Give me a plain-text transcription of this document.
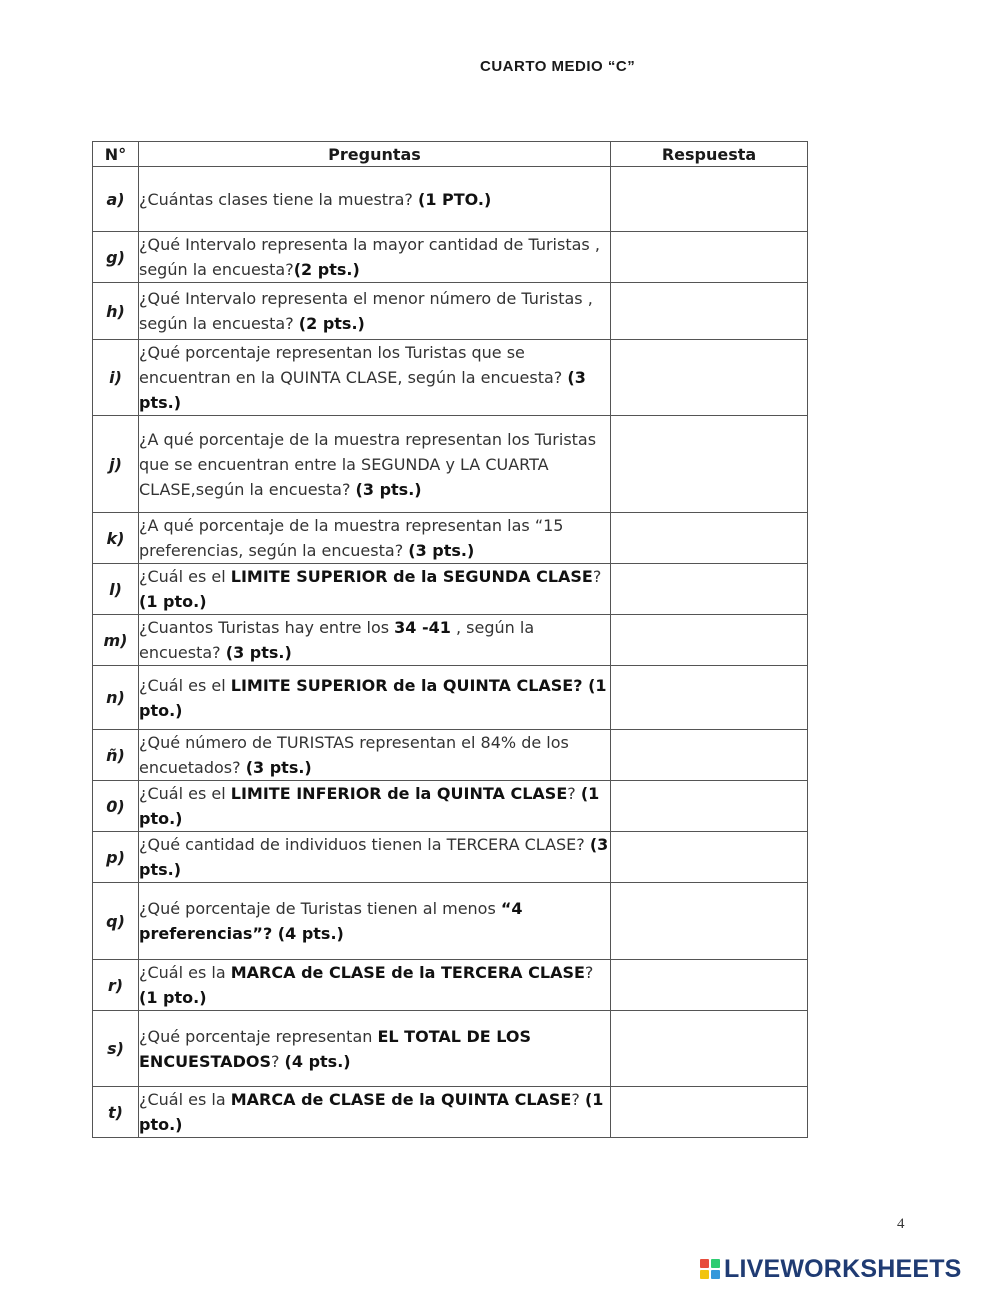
CUARTO MEDIO “C”
N°	Preguntas	Respuesta
a)	¿Cuántas clases tiene la muestra? (1 PTO.)	

g)	¿Qué Intervalo representa la mayor cantidad de Turistas , según la encuesta?(2 pts.)	

h)	¿Qué Intervalo representa el menor número de Turistas , según la encuesta? (2 pts.)	

i)	¿Qué porcentaje representan los Turistas que se encuentran en la QUINTA CLASE, según la encuesta? (3 pts.)	

j)	¿A qué porcentaje de la muestra representan los Turistas que se encuentran entre la SEGUNDA y LA CUARTA CLASE,según la encuesta? (3 pts.)	

k)	¿A qué porcentaje de la muestra representan las “15 preferencias, según la encuesta? (3 pts.)	

l)	¿Cuál es el LIMITE SUPERIOR de la SEGUNDA CLASE? (1 pto.)	

m)	¿Cuantos Turistas hay entre los 34 -41 , según la encuesta? (3 pts.)	

n)	¿Cuál es el LIMITE SUPERIOR de la QUINTA CLASE? (1 pto.)	

ñ)	¿Qué número de TURISTAS representan el 84% de los encuetados? (3 pts.)	

0)	¿Cuál es el LIMITE INFERIOR de la QUINTA CLASE? (1 pto.)	

p)	¿Qué cantidad de individuos tienen la TERCERA CLASE? (3 pts.)	

q)	¿Qué porcentaje de Turistas tienen al menos “4 preferencias”? (4 pts.)	

r)	¿Cuál es la MARCA de CLASE de la TERCERA CLASE? (1 pto.)	

s)	¿Qué porcentaje representan EL TOTAL DE LOS ENCUESTADOS? (4 pts.)	

t)	¿Cuál es la MARCA de CLASE de la QUINTA CLASE? (1 pto.)	
4
LIVEWORKSHEETS
